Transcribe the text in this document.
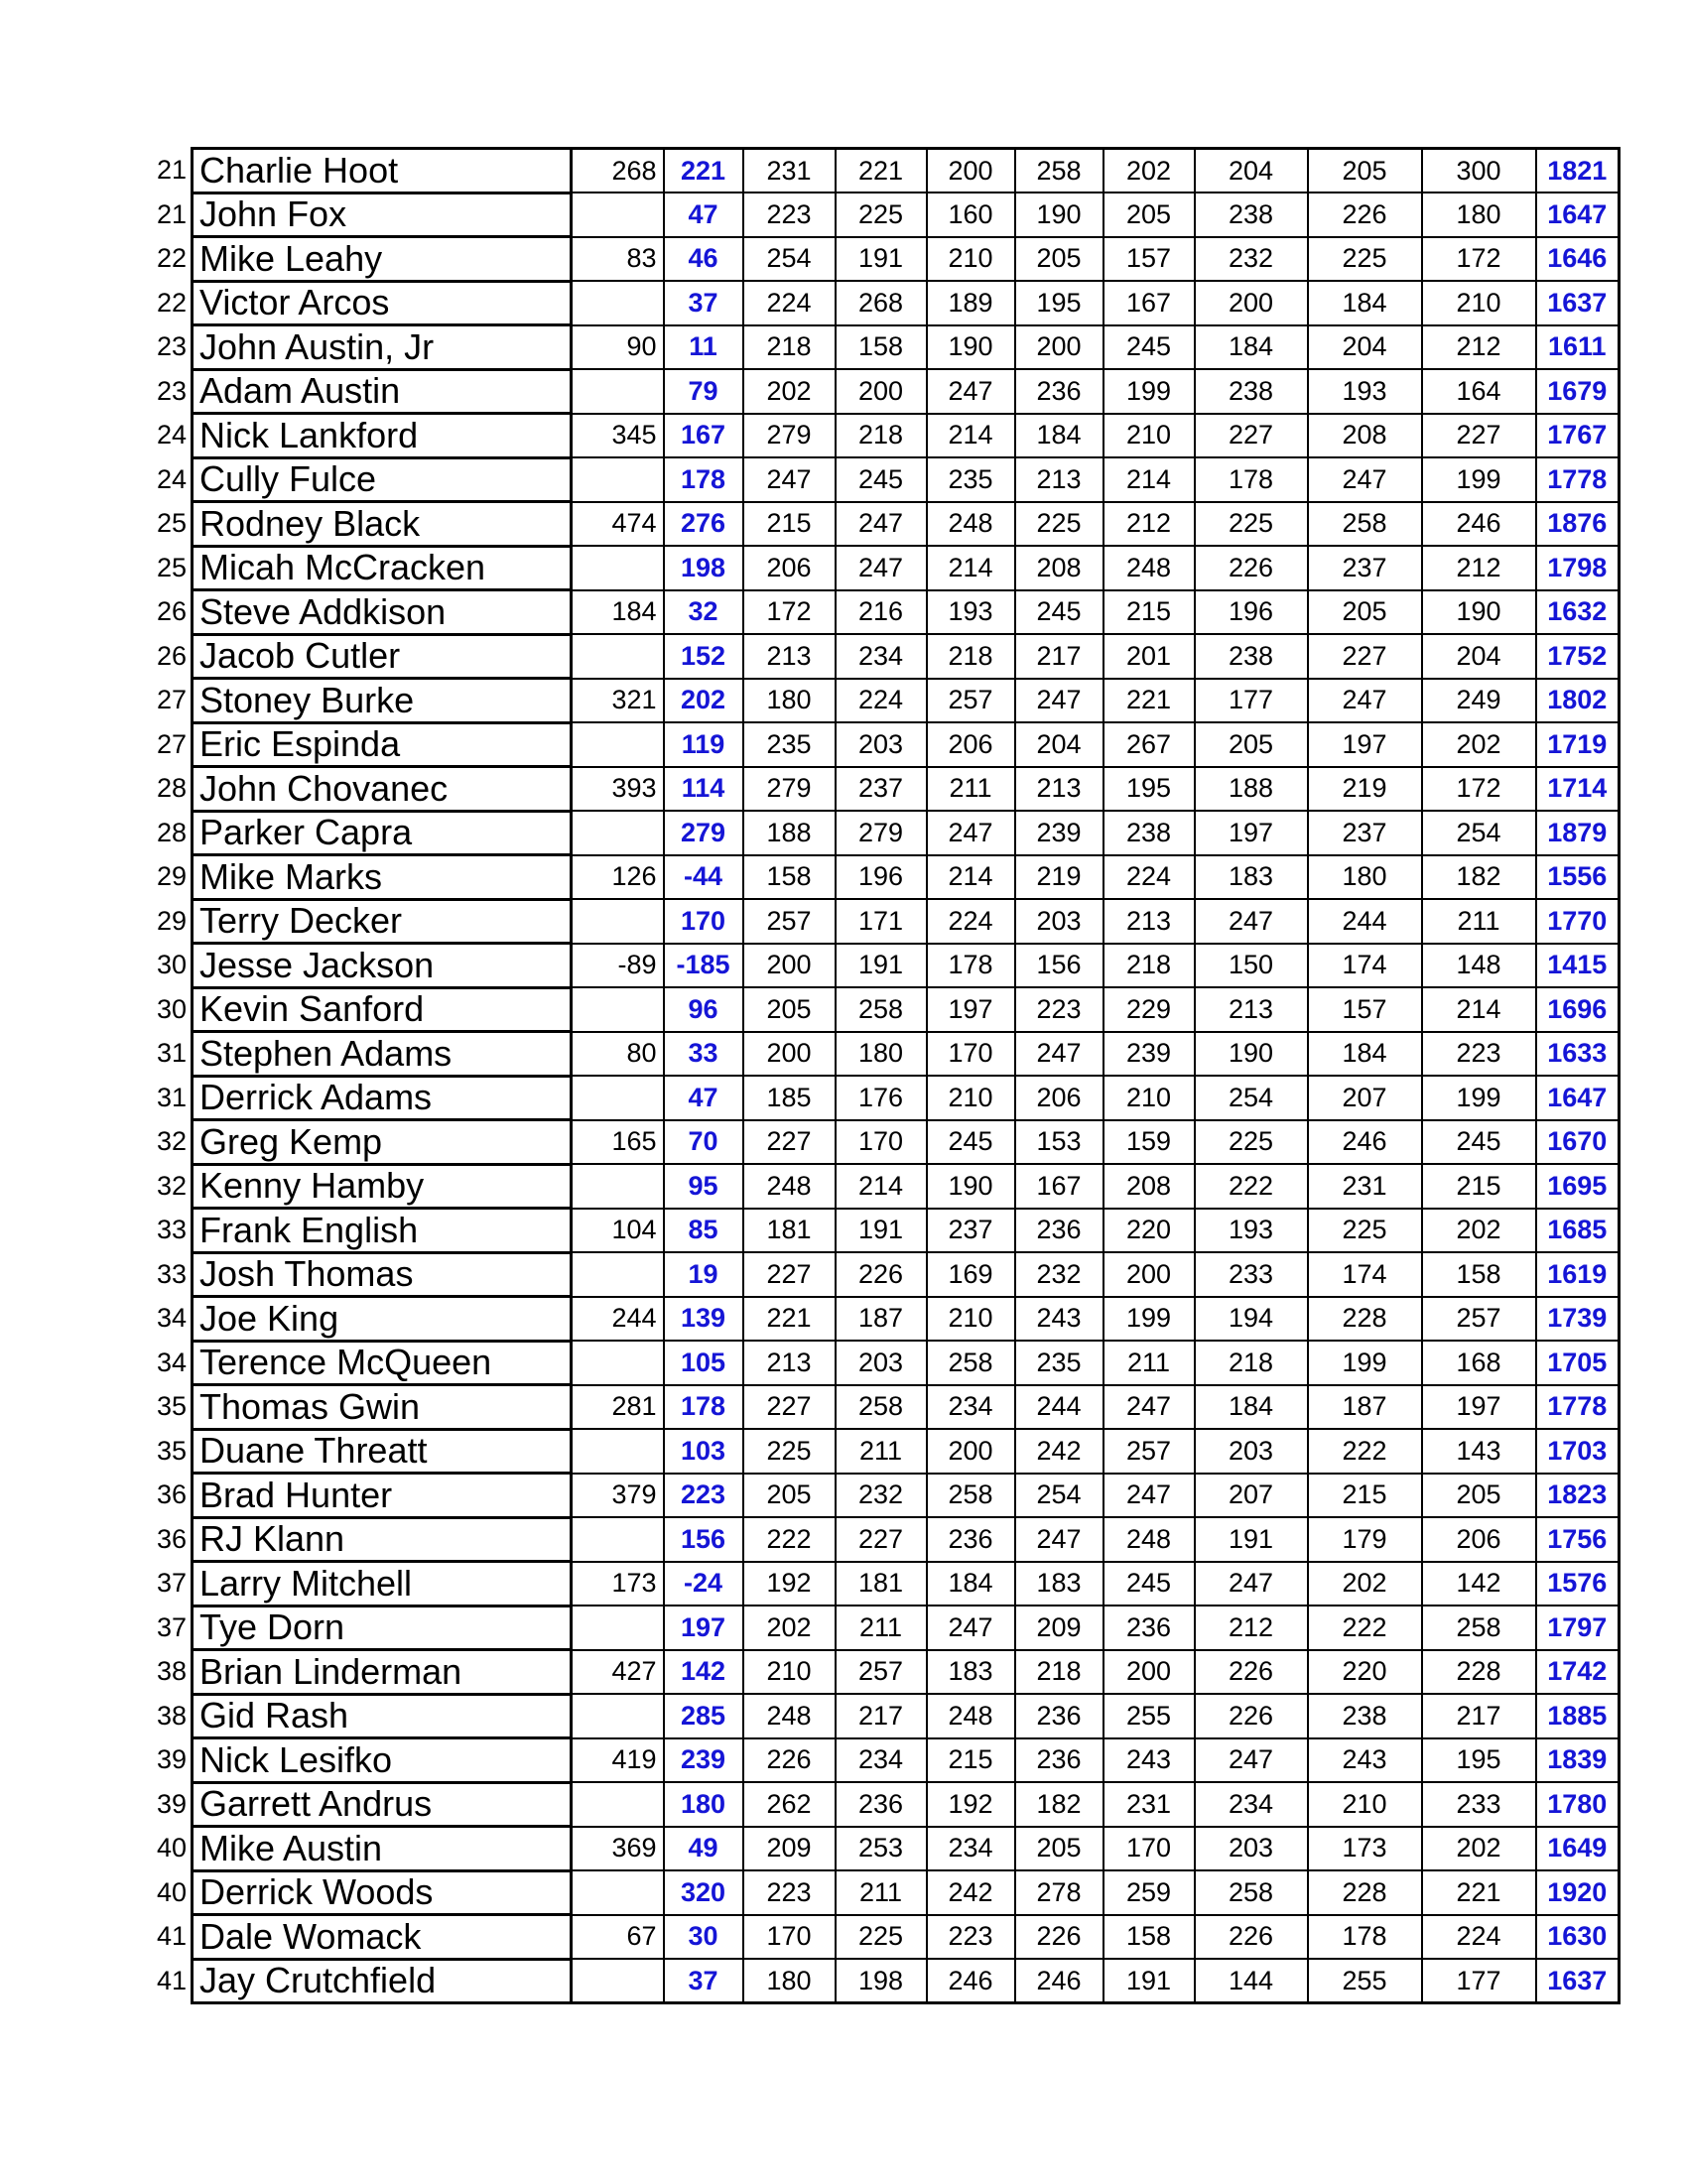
21	Charlie Hoot	268	221	231	221	200	258	202	204	205	300	1821
21	John Fox		47	223	225	160	190	205	238	226	180	1647
22	Mike Leahy	83	46	254	191	210	205	157	232	225	172	1646
22	Victor Arcos		37	224	268	189	195	167	200	184	210	1637
23	John Austin, Jr	90	11	218	158	190	200	245	184	204	212	1611
23	Adam Austin		79	202	200	247	236	199	238	193	164	1679
24	Nick Lankford	345	167	279	218	214	184	210	227	208	227	1767
24	Cully Fulce		178	247	245	235	213	214	178	247	199	1778
25	Rodney Black	474	276	215	247	248	225	212	225	258	246	1876
25	Micah McCracken		198	206	247	214	208	248	226	237	212	1798
26	Steve Addkison	184	32	172	216	193	245	215	196	205	190	1632
26	Jacob Cutler		152	213	234	218	217	201	238	227	204	1752
27	Stoney Burke	321	202	180	224	257	247	221	177	247	249	1802
27	Eric Espinda		119	235	203	206	204	267	205	197	202	1719
28	John Chovanec	393	114	279	237	211	213	195	188	219	172	1714
28	Parker Capra		279	188	279	247	239	238	197	237	254	1879
29	Mike Marks	126	-44	158	196	214	219	224	183	180	182	1556
29	Terry Decker		170	257	171	224	203	213	247	244	211	1770
30	Jesse Jackson	-89	-185	200	191	178	156	218	150	174	148	1415
30	Kevin Sanford		96	205	258	197	223	229	213	157	214	1696
31	Stephen Adams	80	33	200	180	170	247	239	190	184	223	1633
31	Derrick Adams		47	185	176	210	206	210	254	207	199	1647
32	Greg Kemp	165	70	227	170	245	153	159	225	246	245	1670
32	Kenny Hamby		95	248	214	190	167	208	222	231	215	1695
33	Frank English	104	85	181	191	237	236	220	193	225	202	1685
33	Josh Thomas		19	227	226	169	232	200	233	174	158	1619
34	Joe King	244	139	221	187	210	243	199	194	228	257	1739
34	Terence McQueen		105	213	203	258	235	211	218	199	168	1705
35	Thomas Gwin	281	178	227	258	234	244	247	184	187	197	1778
35	Duane Threatt		103	225	211	200	242	257	203	222	143	1703
36	Brad Hunter	379	223	205	232	258	254	247	207	215	205	1823
36	RJ Klann		156	222	227	236	247	248	191	179	206	1756
37	Larry Mitchell	173	-24	192	181	184	183	245	247	202	142	1576
37	Tye Dorn		197	202	211	247	209	236	212	222	258	1797
38	Brian Linderman	427	142	210	257	183	218	200	226	220	228	1742
38	Gid Rash		285	248	217	248	236	255	226	238	217	1885
39	Nick Lesifko	419	239	226	234	215	236	243	247	243	195	1839
39	Garrett Andrus		180	262	236	192	182	231	234	210	233	1780
40	Mike Austin	369	49	209	253	234	205	170	203	173	202	1649
40	Derrick Woods		320	223	211	242	278	259	258	228	221	1920
41	Dale Womack	67	30	170	225	223	226	158	226	178	224	1630
41	Jay Crutchfield		37	180	198	246	246	191	144	255	177	1637
